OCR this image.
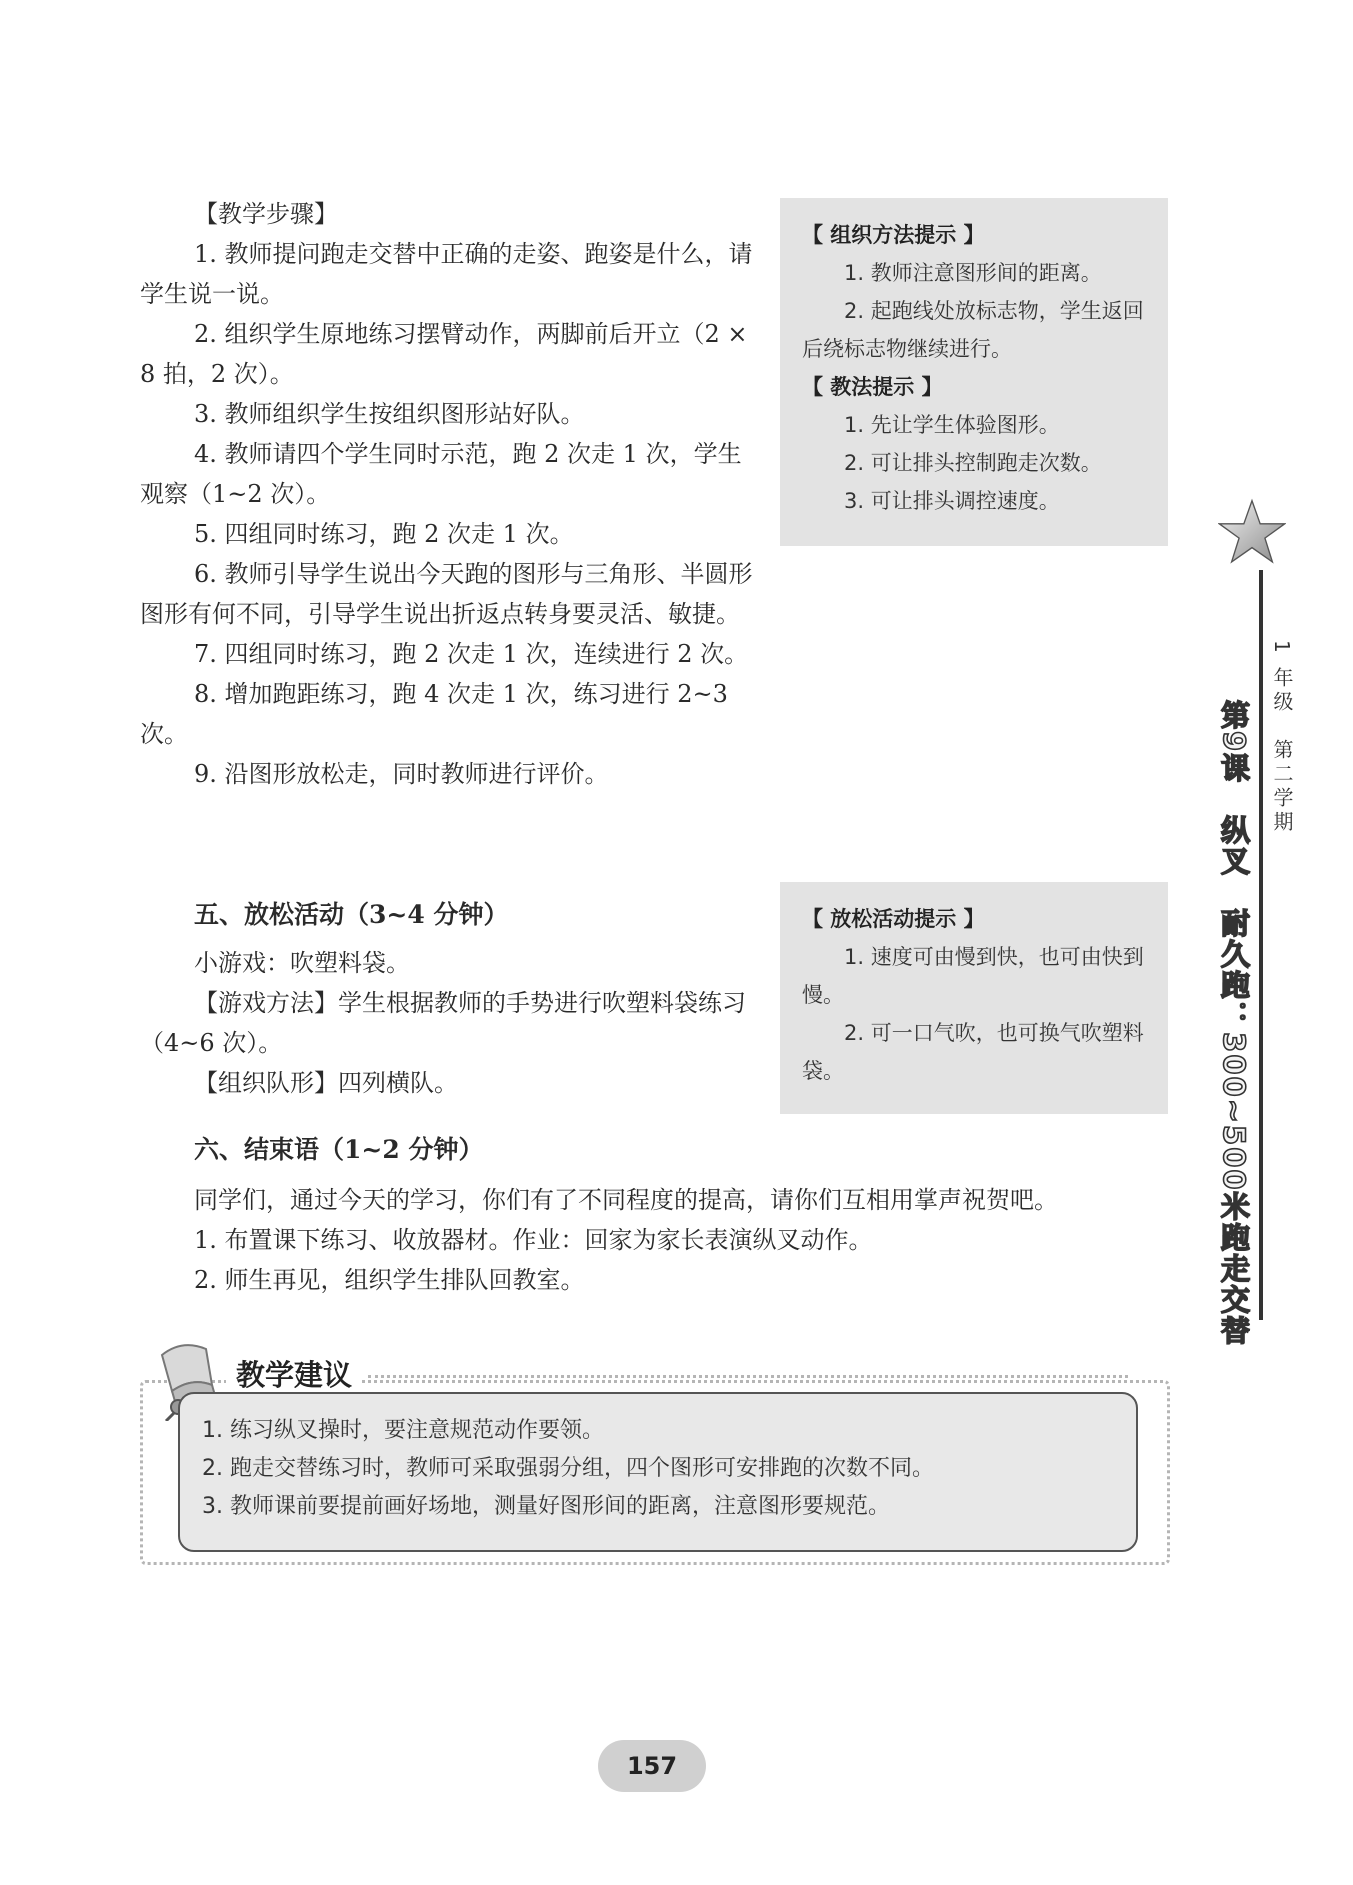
【教学步骤】

1. 教师提问跑走交替中正确的走姿、跑姿是什么，请学生说一说。

2. 组织学生原地练习摆臂动作，两脚前后开立（2 × 8 拍，2 次）。

3. 教师组织学生按组织图形站好队。

4. 教师请四个学生同时示范，跑 2 次走 1 次，学生观察（1~2 次）。

5. 四组同时练习，跑 2 次走 1 次。

6. 教师引导学生说出今天跑的图形与三角形、半圆形图形有何不同，引导学生说出折返点转身要灵活、敏捷。

7. 四组同时练习，跑 2 次走 1 次，连续进行 2 次。

8. 增加跑距练习，跑 4 次走 1 次，练习进行 2~3 次。

9. 沿图形放松走，同时教师进行评价。

五、放松活动（3~4 分钟）

小游戏：吹塑料袋。

【游戏方法】学生根据教师的手势进行吹塑料袋练习（4~6 次）。

【组织队形】四列横队。

六、结束语（1~2 分钟）

同学们，通过今天的学习，你们有了不同程度的提高，请你们互相用掌声祝贺吧。

1. 布置课下练习、收放器材。作业：回家为家长表演纵叉动作。

2. 师生再见，组织学生排队回教室。

【 组织方法提示 】

1. 教师注意图形间的距离。

2. 起跑线处放标志物，学生返回后绕标志物继续进行。

【 教法提示 】

1. 先让学生体验图形。

2. 可让排头控制跑走次数。

3. 可让排头调控速度。

【 放松活动提示 】

1. 速度可由慢到快，也可由快到慢。

2. 可一口气吹，也可换气吹塑料袋。

1 年级　第二学期
第9课　纵叉　耐久跑：300~500米跑走交替
教学建议

1. 练习纵叉操时，要注意规范动作要领。

2. 跑走交替练习时，教师可采取强弱分组，四个图形可安排跑的次数不同。

3. 教师课前要提前画好场地，测量好图形间的距离，注意图形要规范。

157
